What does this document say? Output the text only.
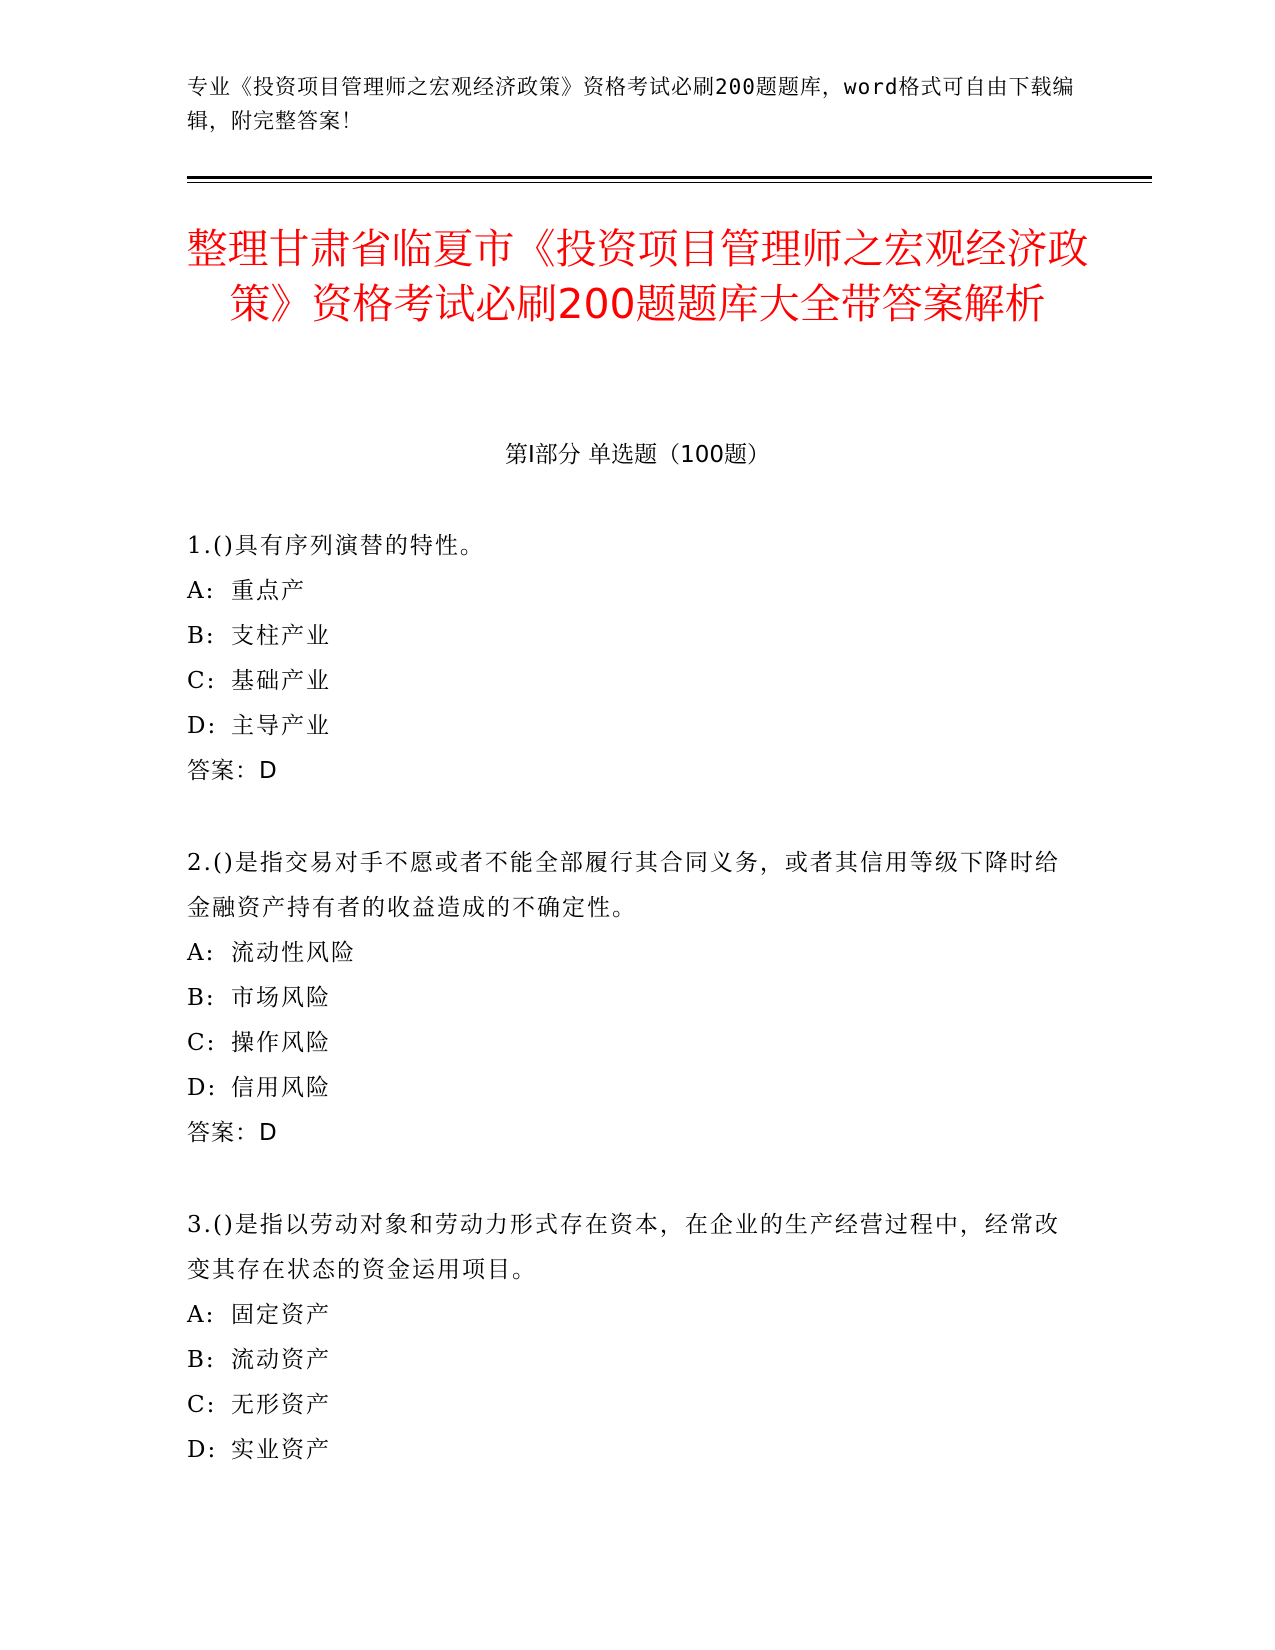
专业《投资项目管理师之宏观经济政策》资格考试必刷200题题库，word格式可自由下载编辑，附完整答案！
整理甘肃省临夏市《投资项目管理师之宏观经济政策》资格考试必刷200题题库大全带答案解析
第I部分 单选题（100题）
1.()具有序列演替的特性。
A: 重点产
B: 支柱产业
C: 基础产业
D: 主导产业
答案：D
2.()是指交易对手不愿或者不能全部履行其合同义务，或者其信用等级下降时给金融资产持有者的收益造成的不确定性。
A: 流动性风险
B: 市场风险
C: 操作风险
D: 信用风险
答案：D
3.()是指以劳动对象和劳动力形式存在资本，在企业的生产经营过程中，经常改变其存在状态的资金运用项目。
A: 固定资产
B: 流动资产
C: 无形资产
D: 实业资产
